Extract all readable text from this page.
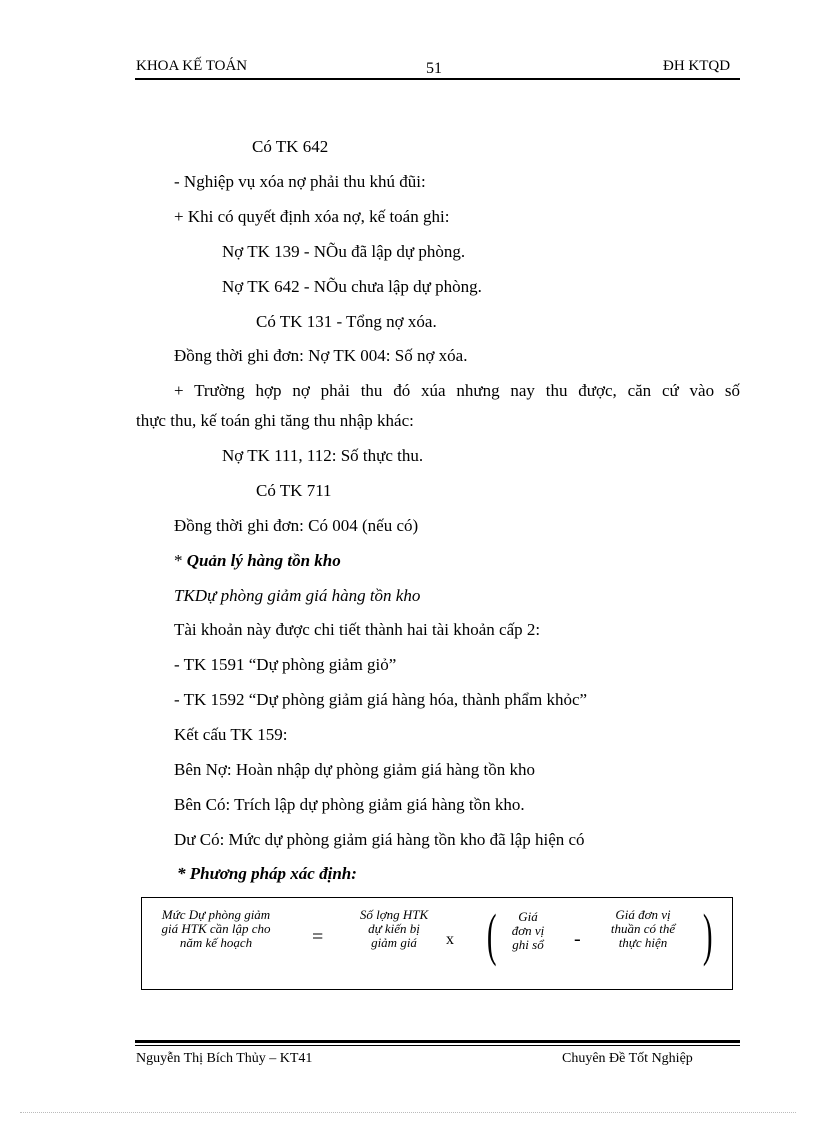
KHOA KẾ TOÁN	51	ĐH KTQD
Có TK 642
- Nghiệp vụ xóa nợ phải thu khú đũi:
+ Khi có quyết định xóa nợ, kế toán ghi:
Nợ TK 139 - NÕu đã lập dự phòng.
Nợ TK 642 - NÕu chưa lập dự phòng.
Có TK 131 - Tổng nợ xóa.
Đồng thời ghi đơn: Nợ TK 004: Số nợ xóa.
+ Trường hợp nợ phải thu đó xúa nhưng nay thu được, căn cứ vào số
thực thu, kế toán ghi tăng thu nhập khác:
Nợ TK 111, 112: Số thực thu.
Có TK 711
Đồng thời ghi đơn: Có 004 (nếu có)
* Quản lý hàng tồn kho
TKDự phòng giảm giá hàng tồn kho
Tài khoản này được chi tiết thành hai tài khoản cấp 2:
- TK 1591 “Dự phòng giảm giỏ”
- TK 1592 “Dự phòng giảm giá hàng hóa, thành phẩm khỏc”
Kết cấu TK 159:
Bên Nợ: Hoàn nhập dự phòng giảm giá hàng tồn kho
Bên Có: Trích lập dự phòng giảm giá hàng tồn kho.
Dư Có: Mức dự phòng giảm giá hàng tồn kho đã lập hiện có
* Phương pháp xác định:
Mức Dự phòng giảm
giá HTK cần lập cho
năm kế hoạch	=
Số lợng HTK
dự kiến bị
giảm giá	x (	Giá
đơn vị
ghi sổ	-
Giá đơn vị
thuần có thể
thực hiện )
Nguyễn Thị Bích Thủy – KT41	Chuyên Đề Tốt Nghiệp
